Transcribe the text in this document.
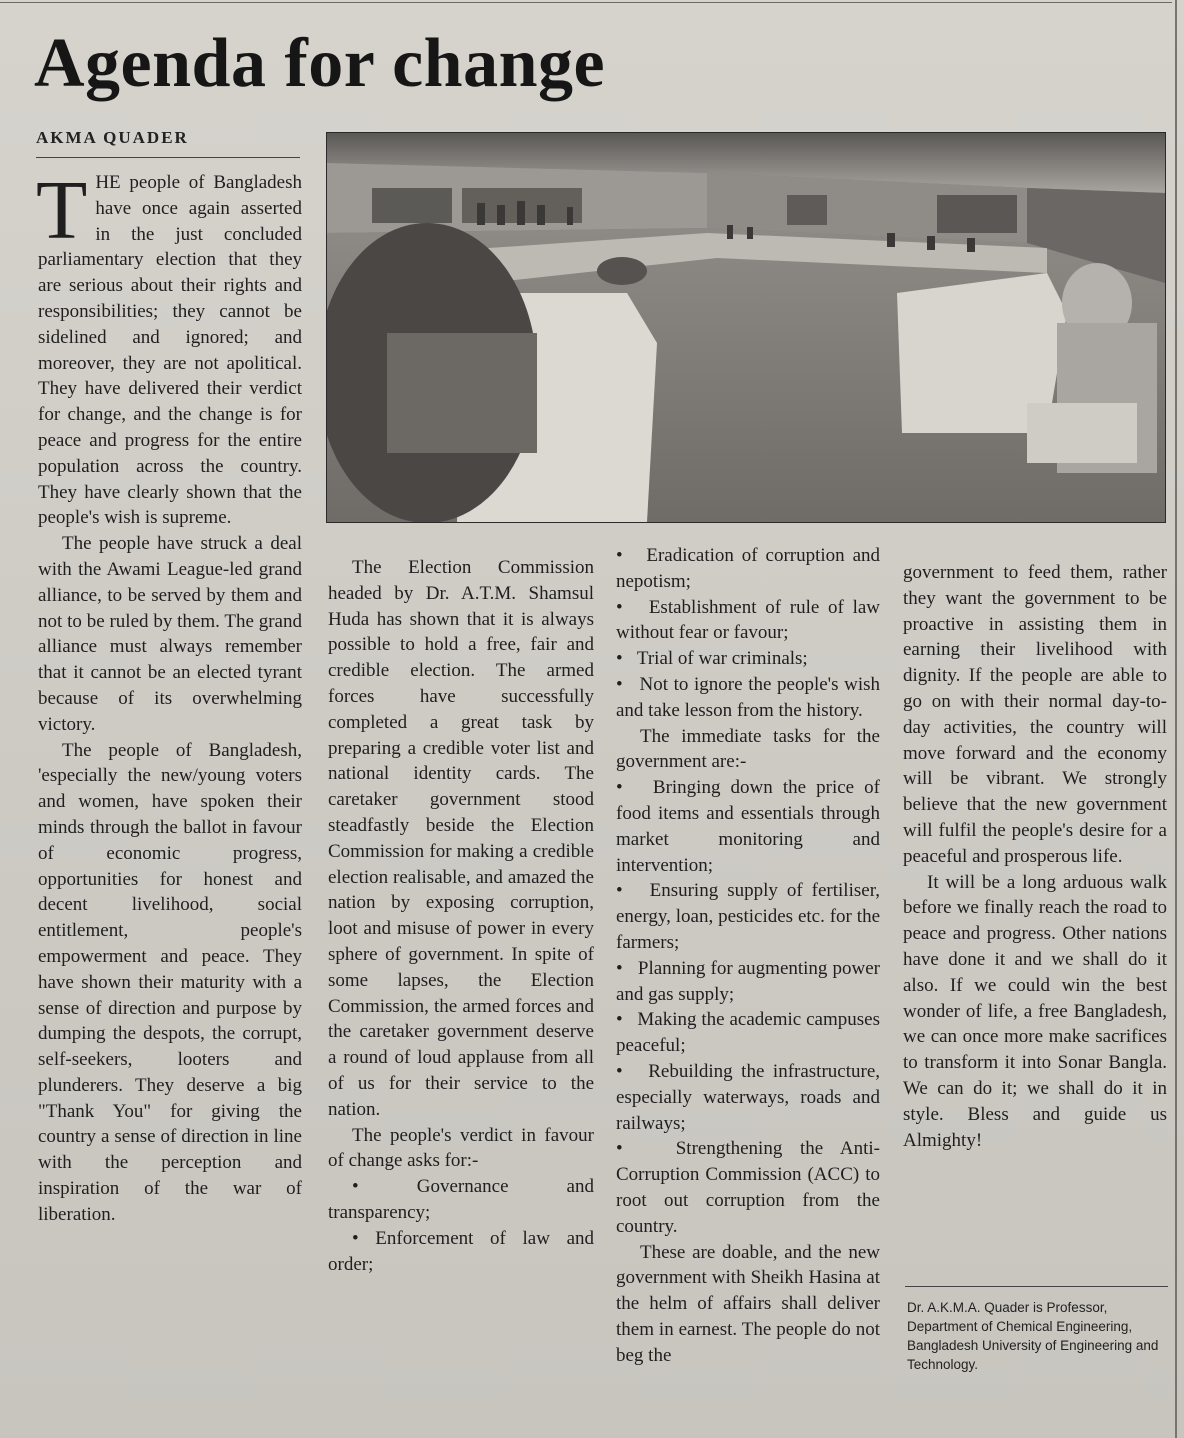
Agenda for change
AKMA QUADER

THE people of Bangladesh have once again asserted in the just concluded parliamentary election that they are serious about their rights and responsibilities; they cannot be sidelined and ignored; and moreover, they are not apolitical. They have delivered their verdict for change, and the change is for peace and progress for the entire population across the country. They have clearly shown that the people's wish is supreme.

The people have struck a deal with the Awami League-led grand alliance, to be served by them and not to be ruled by them. The grand alliance must always remember that it cannot be an elected tyrant because of its overwhelming victory.

The people of Bangladesh, 'especially the new/young voters and women, have spoken their minds through the ballot in favour of economic progress, opportunities for honest and decent livelihood, social entitlement, people's empowerment and peace. They have shown their maturity with a sense of direction and purpose by dumping the despots, the corrupt, self-seekers, looters and plunderers. They deserve a big "Thank You" for giving the country a sense of direction in line with the perception and inspiration of the war of liberation.

The Election Commission headed by Dr. A.T.M. Shamsul Huda has shown that it is always possible to hold a free, fair and credible election. The armed forces have successfully completed a great task by preparing a credible voter list and national identity cards. The caretaker government stood steadfastly beside the Election Commission for making a credible election realisable, and amazed the nation by exposing corruption, loot and misuse of power in every sphere of government. In spite of some lapses, the Election Commission, the armed forces and the caretaker government deserve a round of loud applause from all of us for their service to the nation.

The people's verdict in favour of change asks for:-

• Governance and transparency;

• Enforcement of law and order;

•   Eradication of corruption and nepotism;

•   Establishment of rule of law without fear or favour;

•   Trial of war criminals;

•   Not to ignore the people's wish and take lesson from the history.

The immediate tasks for the government are:-

•   Bringing down the price of food items and essentials through market monitoring and intervention;

•   Ensuring supply of fertiliser, energy, loan, pesticides etc. for the farmers;

•   Planning for augmenting power and gas supply;

•   Making the academic campuses peaceful;

•   Rebuilding the infrastructure, especially waterways, roads and railways;

•   Strengthening the Anti-Corruption Commission (ACC) to root out corruption from the country.

These are doable, and the new government with Sheikh Hasina at the helm of affairs shall deliver them in earnest. The people do not beg the

government to feed them, rather they want the government to be proactive in assisting them in earning their livelihood with dignity. If the people are able to go on with their normal day-to-day activities, the country will move forward and the economy will be vibrant. We strongly believe that the new government will fulfil the people's desire for a peaceful and prosperous life.

It will be a long arduous walk before we finally reach the road to peace and progress. Other nations have done it and we shall do it also. If we could win the best wonder of life, a free Bangladesh, we can once more make sacrifices to transform it into Sonar Bangla. We can do it; we shall do it in style. Bless and guide us Almighty!

Dr. A.K.M.A. Quader is Professor, Department of Chemical Engineering, Bangladesh University of Engineering and Technology.
